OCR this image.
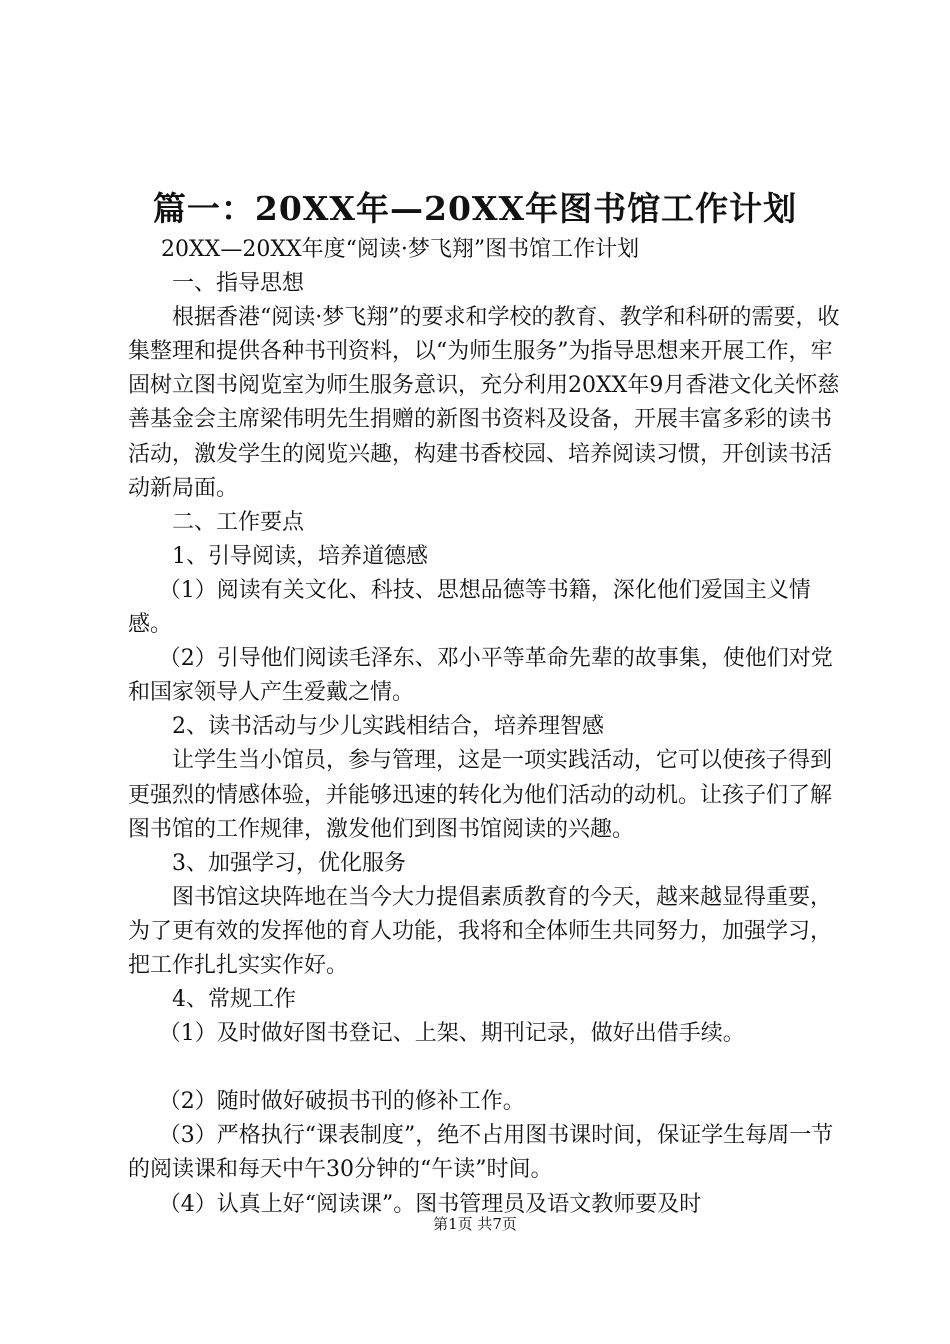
篇一：20XX年—20XX年图书馆工作计划

20XX—20XX年度“阅读·梦飞翔”图书馆工作计划

一、指导思想

根据香港“阅读·梦飞翔”的要求和学校的教育、教学和科研的需要，收集整理和提供各种书刊资料，以“为师生服务”为指导思想来开展工作，牢固树立图书阅览室为师生服务意识，充分利用20XX年9月香港文化关怀慈善基金会主席梁伟明先生捐赠的新图书资料及设备，开展丰富多彩的读书活动，激发学生的阅览兴趣，构建书香校园、培养阅读习惯，开创读书活动新局面。

二、工作要点

1、引导阅读，培养道德感

（1）阅读有关文化、科技、思想品德等书籍，深化他们爱国主义情感。

（2）引导他们阅读毛泽东、邓小平等革命先辈的故事集，使他们对党和国家领导人产生爱戴之情。

2、读书活动与少儿实践相结合，培养理智感

让学生当小馆员，参与管理，这是一项实践活动，它可以使孩子得到更强烈的情感体验，并能够迅速的转化为他们活动的动机。让孩子们了解图书馆的工作规律，激发他们到图书馆阅读的兴趣。

3、加强学习，优化服务

图书馆这块阵地在当今大力提倡素质教育的今天，越来越显得重要，为了更有效的发挥他的育人功能，我将和全体师生共同努力，加强学习，把工作扎扎实实作好。

4、常规工作

（1）及时做好图书登记、上架、期刊记录，做好出借手续。

（2）随时做好破损书刊的修补工作。

（3）严格执行“课表制度”，绝不占用图书课时间，保证学生每周一节的阅读课和每天中午30分钟的“午读”时间。

（4）认真上好“阅读课”。图书管理员及语文教师要及时

第1页 共7页
